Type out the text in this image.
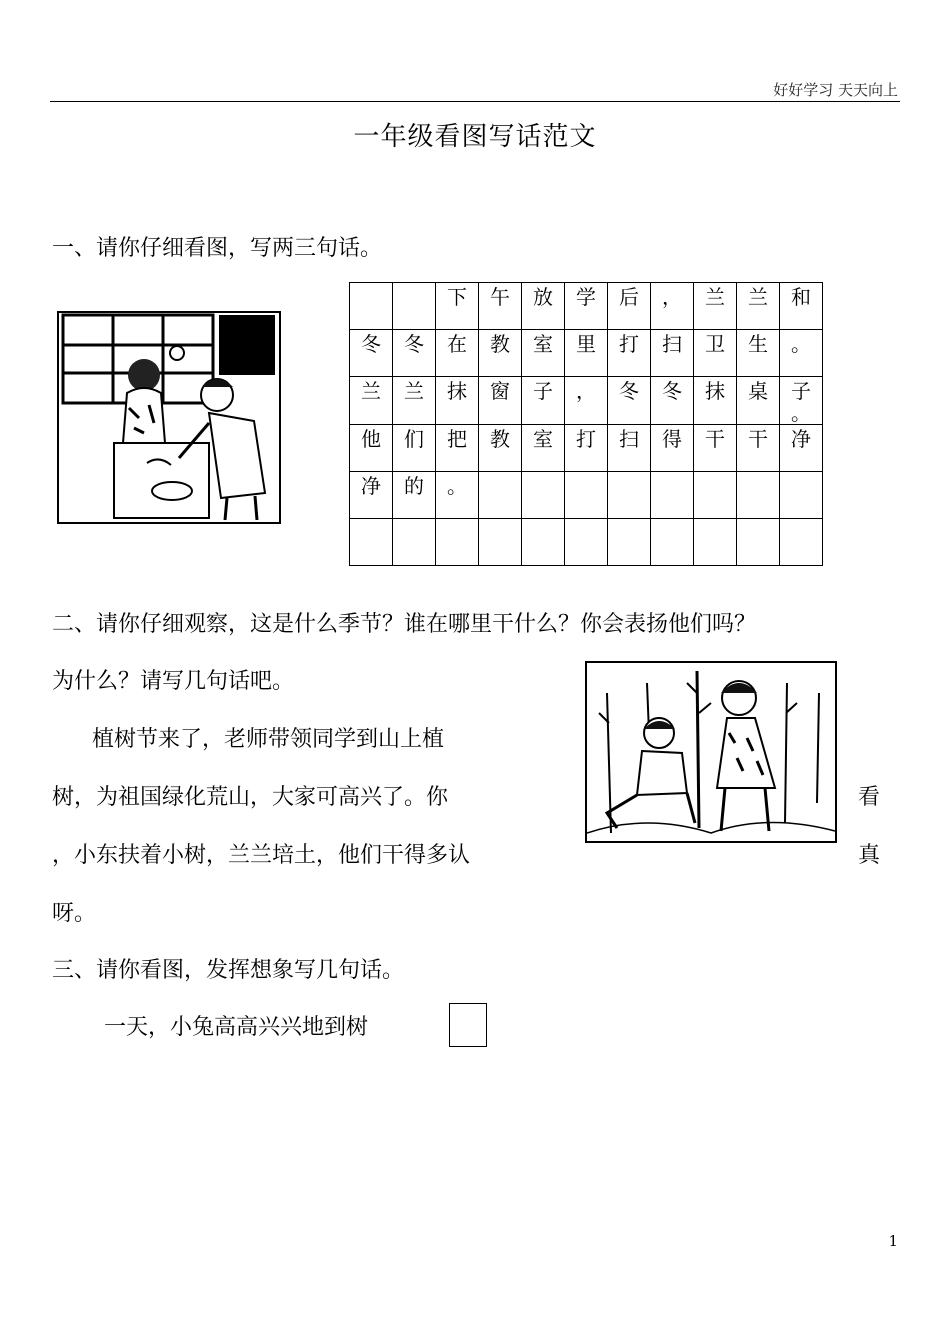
好好学习 天天向上
一年级看图写话范文
一、请你仔细看图，写两三句话。
		下	午	放	学	后	，	兰	兰	和
冬	冬	在	教	室	里	打	扫	卫	生	。
兰	兰	抹	窗	子	，	冬	冬	抹	桌	子
。
他	们	把	教	室	打	扫	得	干	干	净
净	的	。								

二、请你仔细观察，这是什么季节？谁在哪里干什么？你会表扬他们吗？
为什么？请写几句话吧。
植树节来了，老师带领同学到山上植
树，为祖国绿化荒山，大家可高兴了。你	看
，小东扶着小树，兰兰培土，他们干得多认	真
呀。
三、请你看图，发挥想象写几句话。
一天，小兔高高兴兴地到树
1
